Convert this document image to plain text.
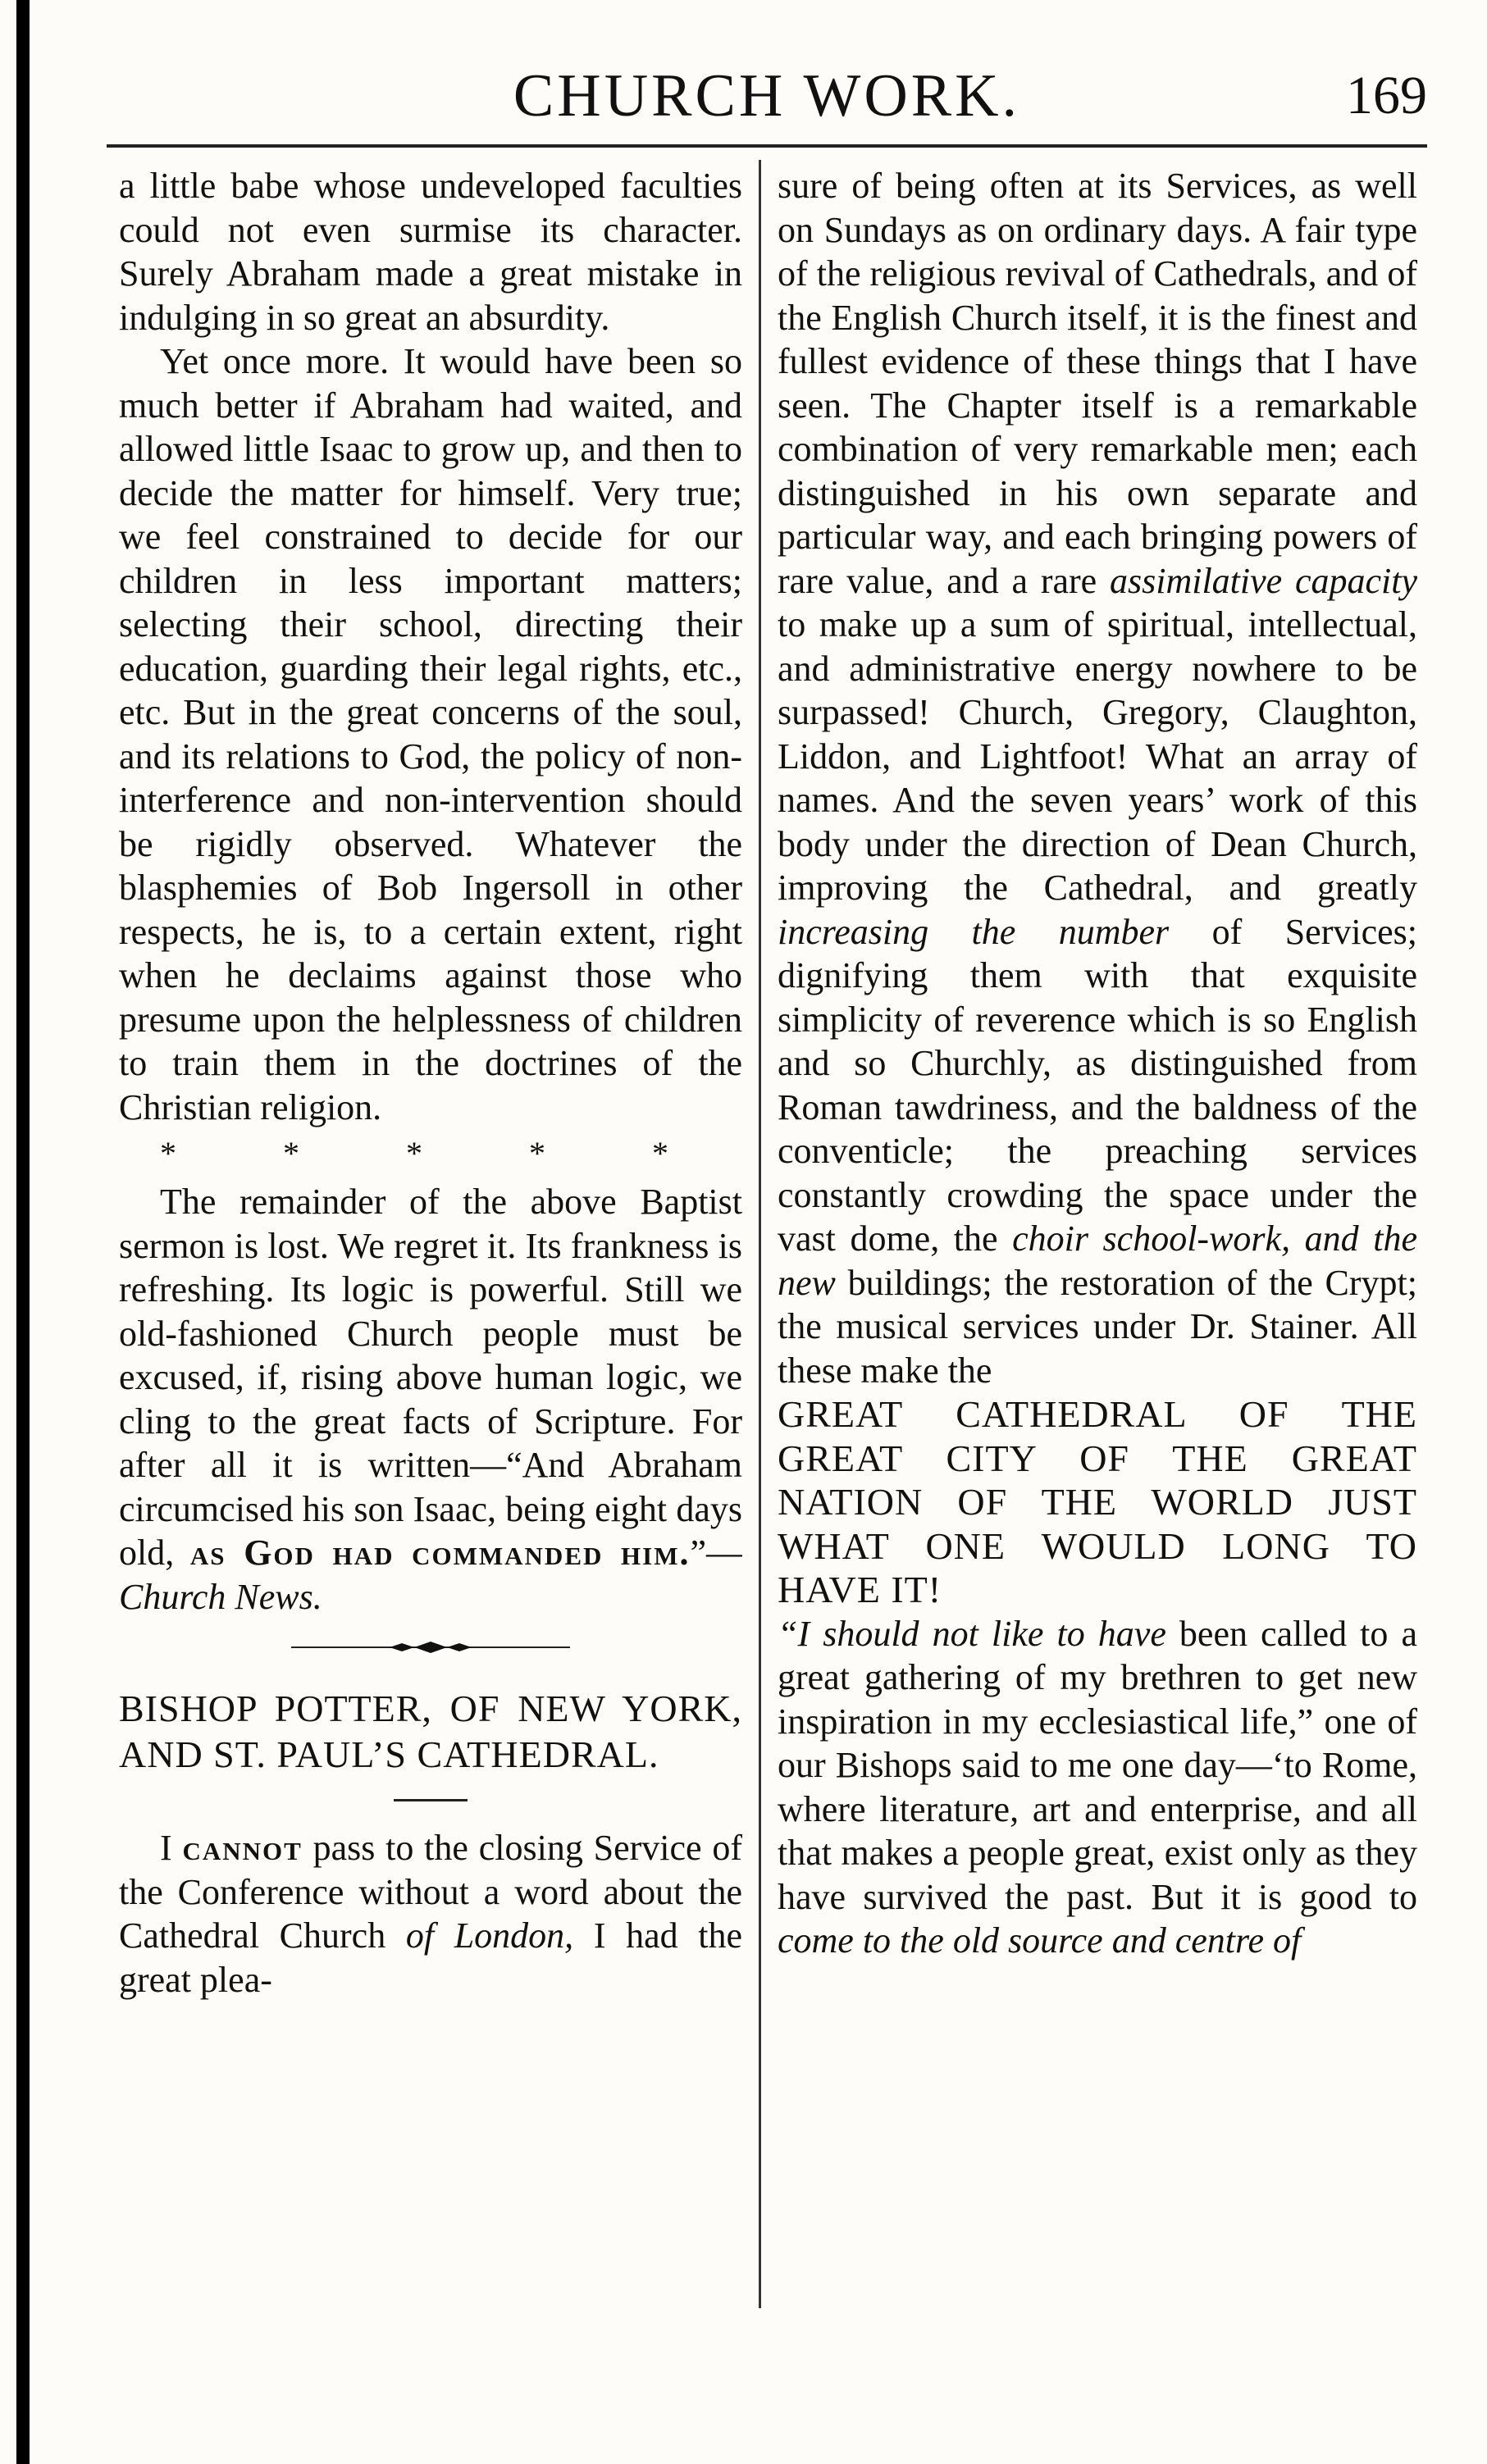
CHURCH WORK.	169

a little babe whose undeveloped faculties could not even surmise its character. Surely Abraham made a great mistake in indulging in so great an absurdity.

Yet once more. It would have been so much better if Abraham had waited, and allowed little Isaac to grow up, and then to decide the matter for himself. Very true; we feel constrained to decide for our children in less important matters; selecting their school, directing their education, guarding their legal rights, etc., etc. But in the great concerns of the soul, and its relations to God, the policy of non-interference and non-intervention should be rigidly observed. Whatever the blasphemies of Bob Ingersoll in other respects, he is, to a certain extent, right when he declaims against those who presume upon the helplessness of children to train them in the doctrines of the Christian religion.

* * * * *

The remainder of the above Baptist sermon is lost. We regret it. Its frankness is refreshing. Its logic is powerful. Still we old-fashioned Church people must be excused, if, rising above human logic, we cling to the great facts of Scripture. For after all it is written—“And Abraham circumcised his son Isaac, being eight days old, as God had commanded him.”— Church News.

BISHOP POTTER, OF NEW YORK, AND ST. PAUL’S CATHEDRAL.

I cannot pass to the closing Service of the Conference without a word about the Cathedral Church of London, I had the great plea-

sure of being often at its Services, as well on Sundays as on ordinary days. A fair type of the religious revival of Cathedrals, and of the English Church itself, it is the finest and fullest evidence of these things that I have seen. The Chapter itself is a remarkable combination of very remarkable men; each distinguished in his own separate and particular way, and each bringing powers of rare value, and a rare assimilative capacity to make up a sum of spiritual, intellectual, and administrative energy nowhere to be surpassed! Church, Gregory, Claughton, Liddon, and Lightfoot! What an array of names. And the seven years’ work of this body under the direction of Dean Church, improving the Cathedral, and greatly increasing the number of Services; dignifying them with that exquisite simplicity of reverence which is so English and so Churchly, as distinguished from Roman tawdriness, and the baldness of the conventicle; the preaching services constantly crowding the space under the vast dome, the choir school-work, and the new buildings; the restoration of the Crypt; the musical services under Dr. Stainer. All these make the

GREAT CATHEDRAL OF THE GREAT CITY OF THE GREAT NATION OF THE WORLD JUST WHAT ONE WOULD LONG TO HAVE IT!

“I should not like to have been called to a great gathering of my brethren to get new inspiration in my ecclesiastical life,” one of our Bishops said to me one day—‘to Rome, where literature, art and enterprise, and all that makes a people great, exist only as they have survived the past. But it is good to come to the old source and centre of
